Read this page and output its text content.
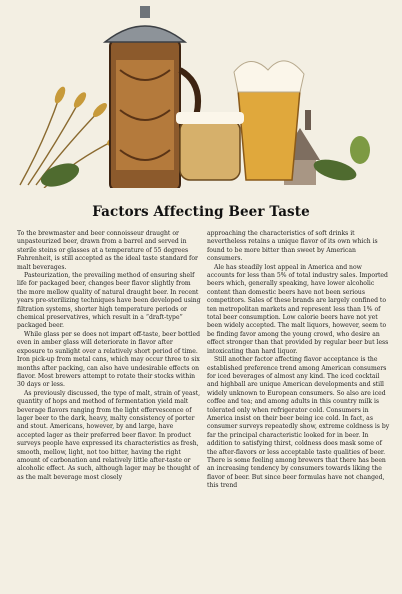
Factors Affecting Beer Taste

To the brewmaster and beer connoisseur draught or unpasteurized beer, drawn from a barrel and served in sterile steins or glasses at a temperature of 55 degrees Fahrenheit, is still accepted as the ideal taste standard for malt beverages.

Pasteurization, the prevailing method of ensuring shelf life for packaged beer, changes beer flavor slightly from the more mellow quality of natural draught beer. In recent years pre-sterilizing techniques have been developed using filtration systems, shorter high temperature periods or chemical preservatives, which result in a “draft-type” packaged beer.

While glass per se does not impart off-taste, beer bottled even in amber glass will deteriorate in flavor after exposure to sunlight over a relatively short period of time. Iron pick-up from metal cans, which may occur three to six months after packing, can also have undesirable effects on flavor. Most brewers attempt to rotate their stocks within 30 days or less.

As previously discussed, the type of malt, strain of yeast, quantity of hops and method of fermentation yield malt beverage flavors ranging from the light effervescence of lager beer to the dark, heavy, malty consistency of porter and stout. Americans, however, by and large, have accepted lager as their preferred beer flavor. In product surveys people have expressed its characteristics as fresh, smooth, mellow, light, not too bitter, having the right amount of carbonation and relatively little after-taste or alcoholic effect. As such, although lager may be thought of as the malt beverage most closely

approaching the characteristics of soft drinks it nevertheless retains a unique flavor of its own which is found to be more bitter than sweet by American consumers.

Ale has steadily lost appeal in America and now accounts for less than 5% of total industry sales. Imported beers which, generally speaking, have lower alcoholic content than domestic beers have not been serious competitors. Sales of these brands are largely confined to ten metropolitan markets and represent less than 1% of total beer consumption. Low calorie beers have not yet been widely accepted. The malt liquors, however, seem to be finding favor among the young crowd, who desire an effect stronger than that provided by regular beer but less intoxicating than hard liquor.

Still another factor affecting flavor acceptance is the established preference trend among American consumers for iced beverages of almost any kind. The iced cocktail and highball are unique American developments and still widely unknown to European consumers. So also are iced coffee and tea; and among adults in this country milk is tolerated only when refrigerator cold. Consumers in America insist on their beer being ice cold. In fact, as consumer surveys repeatedly show, extreme coldness is by far the principal characteristic looked for in beer. In addition to satisfying thirst, coldness does mask some of the after-flavors or less acceptable taste qualities of beer. There is some feeling among brewers that there has been an increasing tendency by consumers towards liking the flavor of beer. But since beer formulas have not changed, this trend
